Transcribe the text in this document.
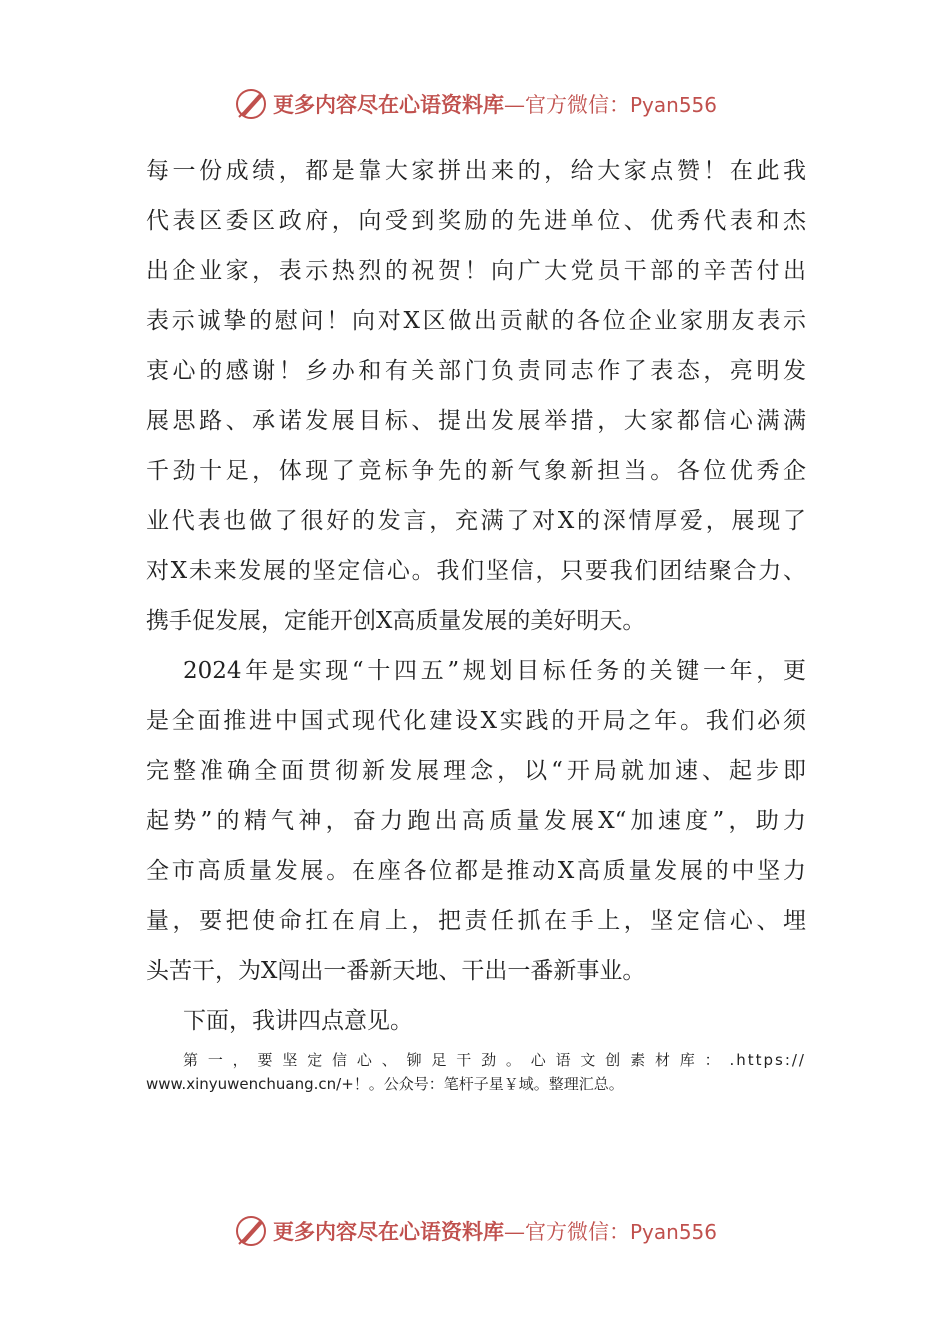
更多内容尽在心语资料库—官方微信：Pyan556
每一份成绩，都是靠大家拼出来的，给大家点赞！在此我
代表区委区政府，向受到奖励的先进单位、优秀代表和杰
出企业家，表示热烈的祝贺！向广大党员干部的辛苦付出
表示诚挚的慰问！向对X区做出贡献的各位企业家朋友表示
衷心的感谢！乡办和有关部门负责同志作了表态，亮明发
展思路、承诺发展目标、提出发展举措，大家都信心满满
千劲十足，体现了竞标争先的新气象新担当。各位优秀企
业代表也做了很好的发言，充满了对X的深情厚爱，展现了
对X未来发展的坚定信心。我们坚信，只要我们团结聚合力、
携手促发展，定能开创X高质量发展的美好明天。
2024年是实现“十四五”规划目标任务的关键一年，更
是全面推进中国式现代化建设X实践的开局之年。我们必须
完整准确全面贯彻新发展理念，以“开局就加速、起步即
起势”的精气神，奋力跑出高质量发展X“加速度”，助力
全市高质量发展。在座各位都是推动X高质量发展的中坚力
量，要把使命扛在肩上，把责任抓在手上，坚定信心、埋
头苦干，为X闯出一番新天地、干出一番新事业。
下面，我讲四点意见。
第一，要坚定信心、铆足干劲。心语文创素材库：.https://
www.xinyuwenchuang.cn/+！。公众号：笔杆子星￥域。整理汇总。
更多内容尽在心语资料库—官方微信：Pyan556
